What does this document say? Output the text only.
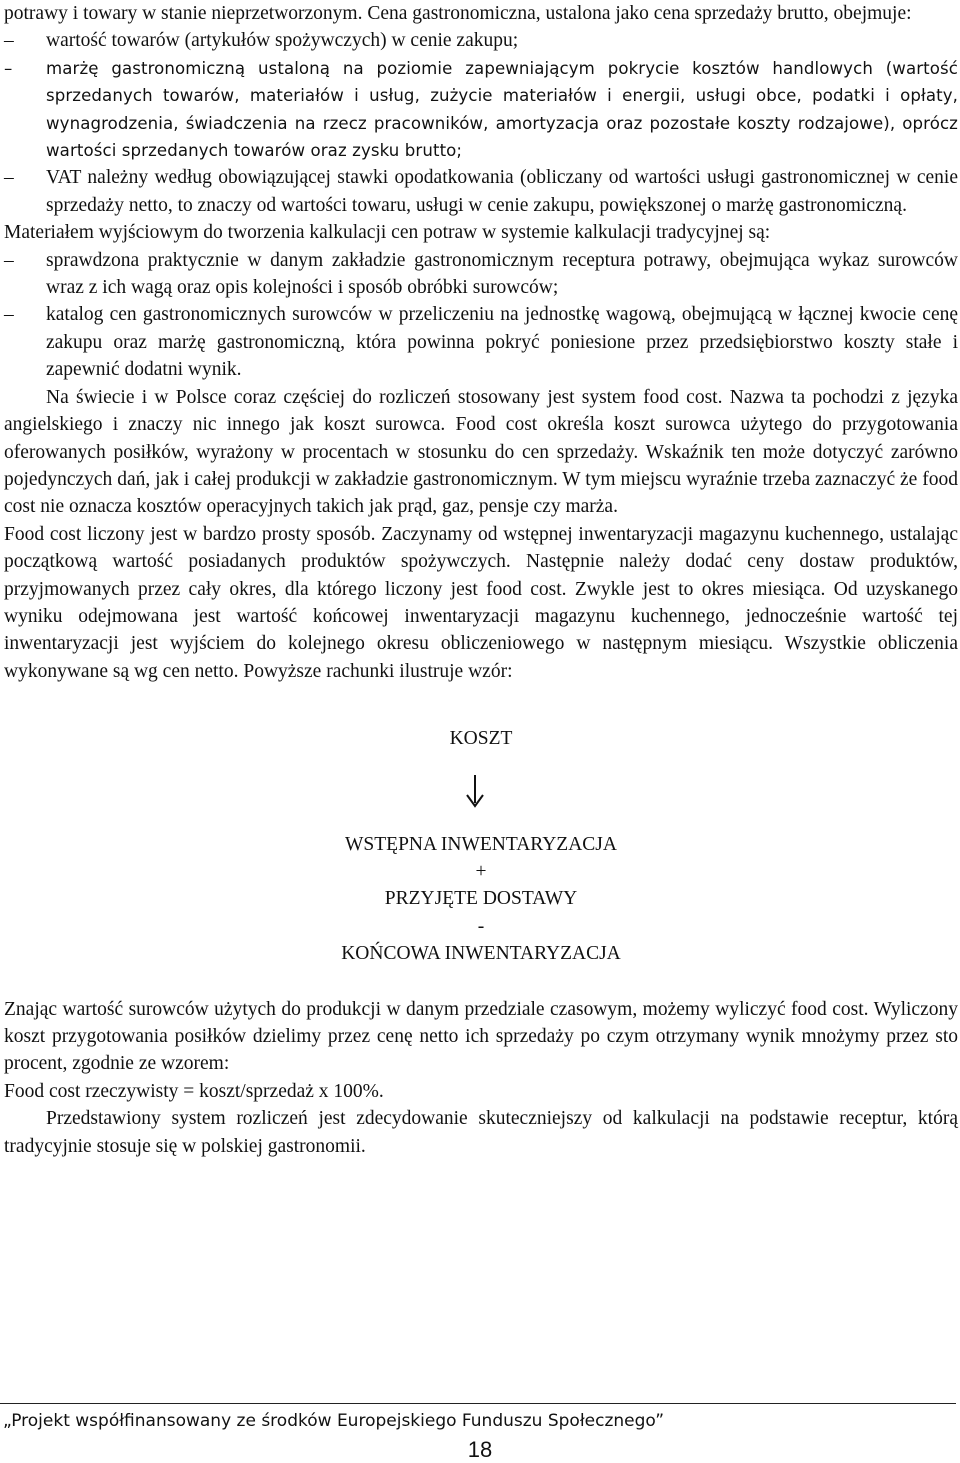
potrawy i towary w stanie nieprzetworzonym. Cena gastronomiczna, ustalona jako cena sprzedaży brutto, obejmuje:

–	wartość towarów (artykułów spożywczych) w cenie zakupu;
–	marżę gastronomiczną ustaloną na poziomie zapewniającym pokrycie kosztów handlowych (wartość sprzedanych towarów, materiałów i usług, zużycie materiałów i energii, usługi obce, podatki i opłaty, wynagrodzenia, świadczenia na rzecz pracowników, amortyzacja oraz pozostałe koszty rodzajowe), oprócz wartości sprzedanych towarów oraz zysku brutto;
–	VAT należny według obowiązującej stawki opodatkowania (obliczany od wartości usługi gastronomicznej w cenie sprzedaży netto, to znaczy od wartości towaru, usługi w cenie zakupu, powiększonej o marżę gastronomiczną.

Materiałem wyjściowym do tworzenia kalkulacji cen potraw w systemie kalkulacji tradycyjnej są:

–	sprawdzona praktycznie w danym zakładzie gastronomicznym receptura potrawy, obejmująca wykaz surowców wraz z ich wagą oraz opis kolejności i sposób obróbki surowców;
–	katalog cen gastronomicznych surowców w przeliczeniu na jednostkę wagową, obejmującą w łącznej kwocie cenę zakupu oraz marżę gastronomiczną, która powinna pokryć poniesione przez przedsiębiorstwo koszty stałe i zapewnić dodatni wynik.

Na świecie i w Polsce coraz częściej do rozliczeń stosowany jest system food cost. Nazwa ta pochodzi z języka angielskiego i znaczy nic innego jak koszt surowca. Food cost określa koszt surowca użytego do przygotowania oferowanych posiłków, wyrażony w procentach w stosunku do cen sprzedaży. Wskaźnik ten może dotyczyć zarówno pojedynczych dań, jak i całej produkcji w zakładzie gastronomicznym. W tym miejscu wyraźnie trzeba zaznaczyć że food cost nie oznacza kosztów operacyjnych takich jak prąd, gaz, pensje czy marża.

Food cost liczony jest w bardzo prosty sposób. Zaczynamy od wstępnej inwentaryzacji magazynu kuchennego, ustalając początkową wartość posiadanych produktów spożywczych. Następnie należy dodać ceny dostaw produktów, przyjmowanych przez cały okres, dla którego liczony jest food cost. Zwykle jest to okres miesiąca. Od uzyskanego wyniku odejmowana jest wartość końcowej inwentaryzacji magazynu kuchennego, jednocześnie wartość tej inwentaryzacji jest wyjściem do kolejnego okresu obliczeniowego w następnym miesiącu. Wszystkie obliczenia wykonywane są wg cen netto. Powyższe rachunki ilustruje wzór:

KOSZT
WSTĘPNA INWENTARYZACJA
+
PRZYJĘTE DOSTAWY
-
KOŃCOWA INWENTARYZACJA

Znając wartość surowców użytych do produkcji w danym przedziale czasowym, możemy wyliczyć food cost. Wyliczony koszt przygotowania posiłków dzielimy przez cenę netto ich sprzedaży po czym otrzymany wynik mnożymy przez sto procent, zgodnie ze wzorem:

Food cost rzeczywisty = koszt/sprzedaż x 100%.

Przedstawiony system rozliczeń jest zdecydowanie skuteczniejszy od kalkulacji na podstawie receptur, którą tradycyjnie stosuje się w polskiej gastronomii.

„Projekt współfinansowany ze środków Europejskiego Funduszu Społecznego”
18
